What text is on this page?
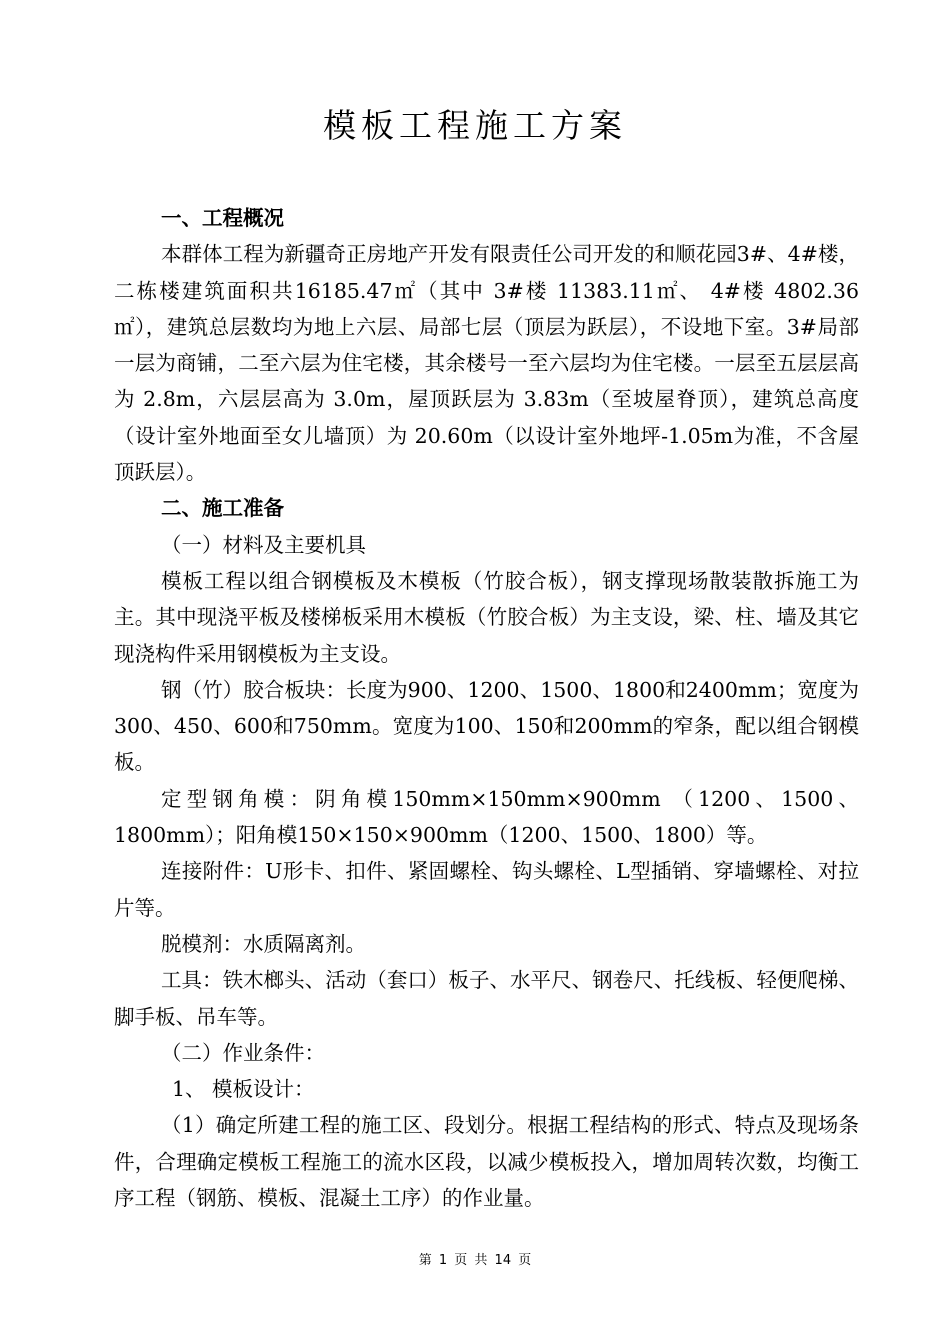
模板工程施工方案

一、工程概况

本群体工程为新疆奇正房地产开发有限责任公司开发的和顺花园3#、4#楼，二栋楼建筑面积共16185.47㎡（其中 3#楼 11383.11㎡、 4#楼 4802.36㎡），建筑总层数均为地上六层、局部七层（顶层为跃层），不设地下室。3#局部一层为商铺，二至六层为住宅楼，其余楼号一至六层均为住宅楼。一层至五层层高为 2.8m，六层层高为 3.0m，屋顶跃层为 3.83m（至坡屋脊顶），建筑总高度（设计室外地面至女儿墙顶）为 20.60m（以设计室外地坪-1.05m为准，不含屋顶跃层）。

二、施工准备

（一）材料及主要机具

模板工程以组合钢模板及木模板（竹胶合板），钢支撑现场散装散拆施工为主。其中现浇平板及楼梯板采用木模板（竹胶合板）为主支设，梁、柱、墙及其它现浇构件采用钢模板为主支设。

钢（竹）胶合板块：长度为900、1200、1500、1800和2400mm；宽度为300、450、600和750mm。宽度为100、150和200mm的窄条，配以组合钢模板。

定型钢角模：阴角模150mm×150mm×900mm （1200、1500、1800mm）；阳角模150×150×900mm（1200、1500、1800）等。

连接附件：U形卡、扣件、紧固螺栓、钩头螺栓、L型插销、穿墙螺栓、对拉片等。

脱模剂：水质隔离剂。

工具：铁木榔头、活动（套口）板子、水平尺、钢卷尺、托线板、轻便爬梯、脚手板、吊车等。

（二）作业条件：

1、 模板设计：

（1）确定所建工程的施工区、段划分。根据工程结构的形式、特点及现场条件，合理确定模板工程施工的流水区段，以减少模板投入，增加周转次数，均衡工序工程（钢筋、模板、混凝土工序）的作业量。

第 1 页 共 14 页
